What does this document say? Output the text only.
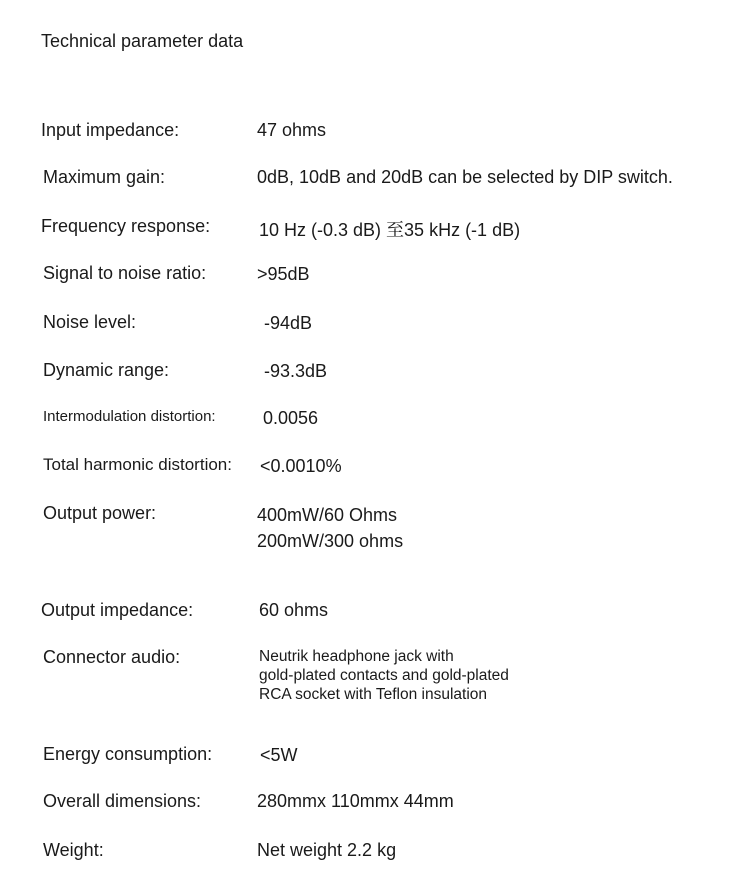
Technical parameter data
Input impedance:	47 ohms
Maximum gain:	0dB, 10dB and 20dB can be selected by DIP switch.
Frequency response:	10 Hz (-0.3 dB) 至35 kHz (-1 dB)
Signal to noise ratio:	>95dB
Noise level:	-94dB
Dynamic range:	-93.3dB
Intermodulation distortion:	0.0056
Total harmonic distortion: <0.0010%
Output power:	400mW/60 Ohms
200mW/300 ohms
Output impedance:	60 ohms
Connector audio:	Neutrik headphone jack with
gold-plated contacts and gold-plated
RCA socket with Teflon insulation
Energy consumption:	<5W
Overall dimensions:	280mmx 110mmx 44mm
Weight:	Net weight 2.2 kg
